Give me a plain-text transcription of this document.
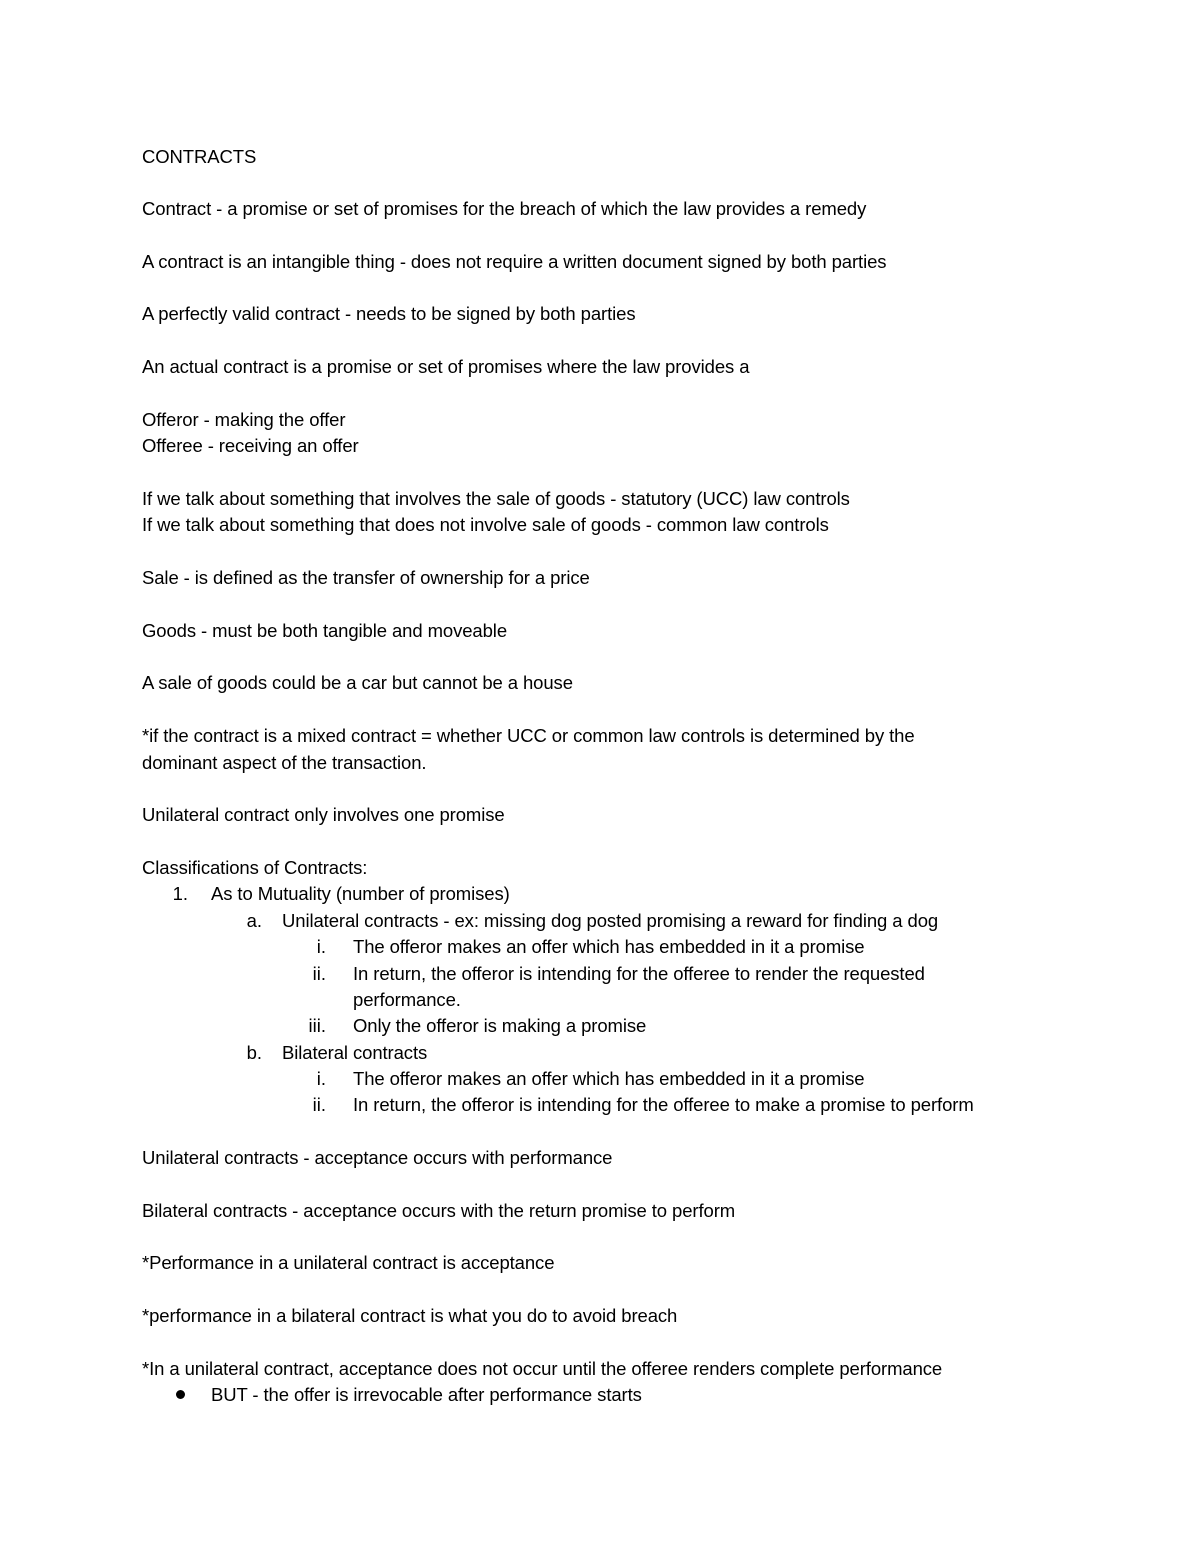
CONTRACTS
Contract - a promise or set of promises for the breach of which the law provides a remedy
A contract is an intangible thing - does not require a written document signed by both parties
A perfectly valid contract - needs to be signed by both parties
An actual contract is a promise or set of promises where the law provides a
Offeror - making the offer
Offeree - receiving an offer
If we talk about something that involves the sale of goods - statutory (UCC) law controls
If we talk about something that does not involve sale of goods - common law controls
Sale - is defined as the transfer of ownership for a price
Goods - must be both tangible and moveable
A sale of goods could be a car but cannot be a house
*if the contract is a mixed contract = whether UCC or common law controls is determined by the
dominant aspect of the transaction.
Unilateral contract only involves one promise
Classifications of Contracts:
1. As to Mutuality (number of promises)
a. Unilateral contracts - ex: missing dog posted promising a reward for finding a dog
i. The offeror makes an offer which has embedded in it a promise
ii. In return, the offeror is intending for the offeree to render the requested
performance.
iii. Only the offeror is making a promise
b. Bilateral contracts
i. The offeror makes an offer which has embedded in it a promise
ii. In return, the offeror is intending for the offeree to make a promise to perform
Unilateral contracts - acceptance occurs with performance
Bilateral contracts - acceptance occurs with the return promise to perform
*Performance in a unilateral contract is acceptance
*performance in a bilateral contract is what you do to avoid breach
*In a unilateral contract, acceptance does not occur until the offeree renders complete performance
BUT - the offer is irrevocable after performance starts
